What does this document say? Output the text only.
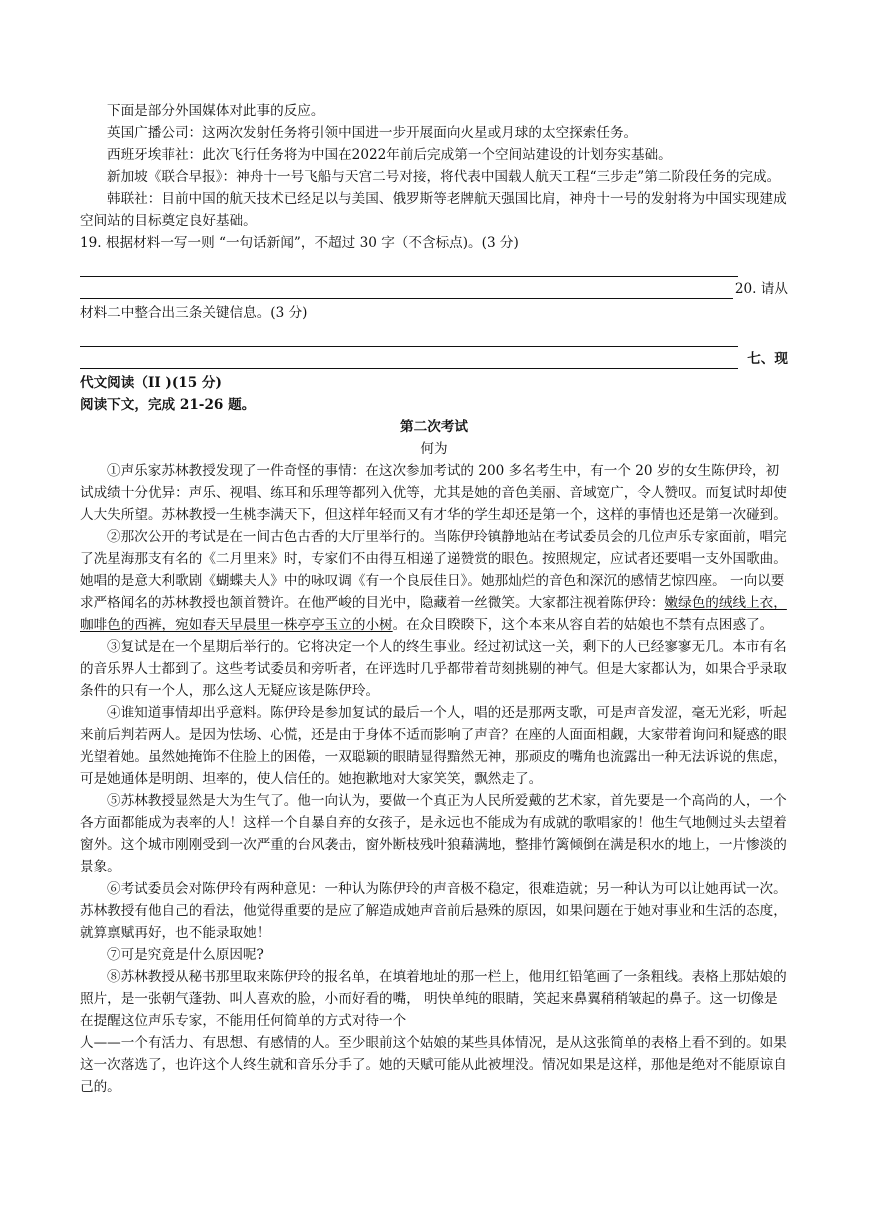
下面是部分外国媒体对此事的反应。

英国广播公司：这两次发射任务将引领中国进一步开展面向火星或月球的太空探索任务。

西班牙埃菲社：此次飞行任务将为中国在2022年前后完成第一个空间站建设的计划夯实基础。

新加坡《联合早报》：神舟十一号飞船与天宫二号对接，将代表中国载人航天工程“三步走”第二阶段任务的完成。

韩联社：目前中国的航天技术已经足以与美国、俄罗斯等老牌航天强国比肩，神舟十一号的发射将为中国实现建成空间站的目标奠定良好基础。

19. 根据材料一写一则 “一句话新闻”，不超过 30 字（不含标点)。(3 分)

20. 请从

材料二中整合出三条关键信息。(3 分)

七、现

代文阅读（II )(15 分)

阅读下文，完成 21-26 题。

第二次考试

何为

①声乐家苏林教授发现了一件奇怪的事情：在这次参加考试的 200 多名考生中，有一个 20 岁的女生陈伊玲，初试成绩十分优异：声乐、视唱、练耳和乐理等都列入优等，尤其是她的音色美丽、音域宽广，令人赞叹。而复试时却使人大失所望。苏林教授一生桃李满天下，但这样年轻而又有才华的学生却还是第一个，这样的事情也还是第一次碰到。

②那次公开的考试是在一间古色古香的大厅里举行的。当陈伊玲镇静地站在考试委员会的几位声乐专家面前，唱完了冼星海那支有名的《二月里来》时，专家们不由得互相递了递赞赏的眼色。按照规定，应试者还要唱一支外国歌曲。她唱的是意大利歌剧《蝴蝶夫人》中的咏叹调《有一个良辰佳日》。她那灿烂的音色和深沉的感情艺惊四座。 一向以要求严格闻名的苏林教授也颔首赞许。在他严峻的目光中，隐藏着一丝微笑。大家都注视着陈伊玲：嫩绿色的绒线上衣，咖啡色的西裤，宛如春天早晨里一株亭亭玉立的小树。在众目睽睽下，这个本来从容自若的姑娘也不禁有点困惑了。

③复试是在一个星期后举行的。它将决定一个人的终生事业。经过初试这一关，剩下的人已经寥寥无几。本市有名的音乐界人士都到了。这些考试委员和旁听者，在评选时几乎都带着苛刻挑剔的神气。但是大家都认为，如果合乎录取条件的只有一个人，那么这人无疑应该是陈伊玲。

④谁知道事情却出乎意料。陈伊玲是参加复试的最后一个人，唱的还是那两支歌，可是声音发涩，毫无光彩，听起来前后判若两人。是因为怯场、心慌，还是由于身体不适而影响了声音？在座的人面面相觑，大家带着询问和疑惑的眼光望着她。虽然她掩饰不住脸上的困倦，一双聪颖的眼睛显得黯然无神，那顽皮的嘴角也流露出一种无法诉说的焦虑，可是她通体是明朗、坦率的，使人信任的。她抱歉地对大家笑笑，飘然走了。

⑤苏林教授显然是大为生气了。他一向认为，要做一个真正为人民所爱戴的艺术家，首先要是一个高尚的人，一个各方面都能成为表率的人！这样一个自暴自弃的女孩子，是永远也不能成为有成就的歌唱家的！他生气地侧过头去望着窗外。这个城市刚刚受到一次严重的台风袭击，窗外断枝残叶狼藉满地，整排竹篱倾倒在满是积水的地上，一片惨淡的景象。

⑥考试委员会对陈伊玲有两种意见：一种认为陈伊玲的声音极不稳定，很难造就；另一种认为可以让她再试一次。苏林教授有他自己的看法，他觉得重要的是应了解造成她声音前后悬殊的原因，如果问题在于她对事业和生活的态度，就算禀赋再好，也不能录取她！

⑦可是究竟是什么原因呢?

⑧苏林教授从秘书那里取来陈伊玲的报名单，在填着地址的那一栏上，他用红铅笔画了一条粗线。表格上那姑娘的照片，是一张朝气蓬勃、叫人喜欢的脸，小而好看的嘴， 明快单纯的眼睛，笑起来鼻翼稍稍皱起的鼻子。这一切像是在提醒这位声乐专家，不能用任何简单的方式对待一个

人——一个有活力、有思想、有感情的人。至少眼前这个姑娘的某些具体情况，是从这张简单的表格上看不到的。如果这一次落选了，也许这个人终生就和音乐分手了。她的天赋可能从此被埋没。情况如果是这样，那他是绝对不能原谅自己的。
